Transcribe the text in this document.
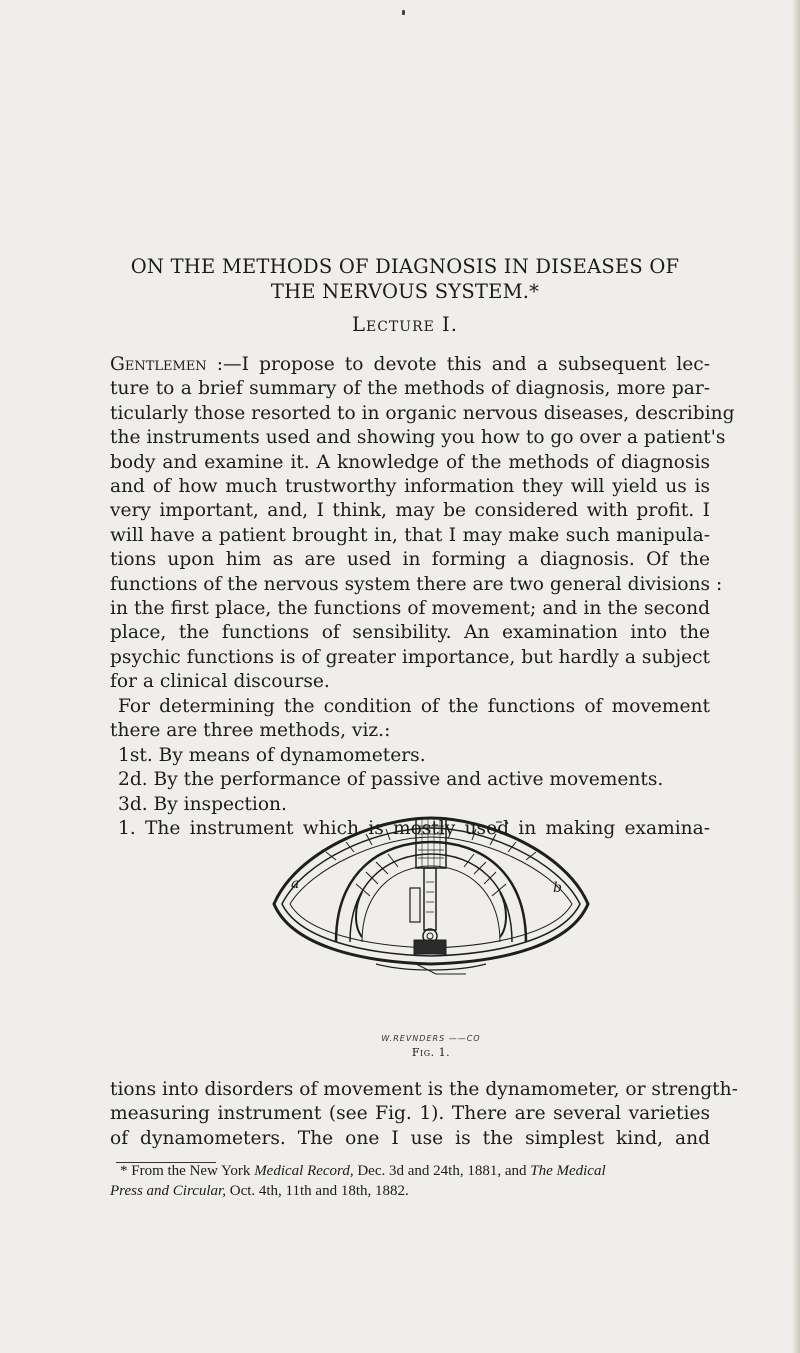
ON THE METHODS OF DIAGNOSIS IN DISEASES OF
THE NERVOUS SYSTEM.*
Lecture I.
Gentlemen :—I propose to devote this and a subsequent lec-
ture to a brief summary of the methods of diagnosis, more par-
ticularly those resorted to in organic nervous diseases, describing
the instruments used and showing you how to go over a patient's
body and examine it. A knowledge of the methods of diagnosis
and of how much trustworthy information they will yield us is
very important, and, I think, may be considered with profit. I
will have a patient brought in, that I may make such manipula-
tions upon him as are used in forming a diagnosis. Of the
functions of the nervous system there are two general divisions :
in the first place, the functions of movement; and in the second
place, the functions of sensibility. An examination into the
psychic functions is of greater importance, but hardly a subject
for a clinical discourse.
For determining the condition of the functions of movement
there are three methods, viz.:
1st. By means of dynamometers.
2d. By the performance of passive and active movements.
3d. By inspection.
1. The instrument which is mostly used in making examina-
a	b
W.REVNDERS ——CO
Fig. 1.
tions into disorders of movement is the dynamometer, or strength-
measuring instrument (see Fig. 1). There are several varieties
of dynamometers. The one I use is the simplest kind, and
* From the New York Medical Record, Dec. 3d and 24th, 1881, and The Medical
Press and Circular, Oct. 4th, 11th and 18th, 1882.
